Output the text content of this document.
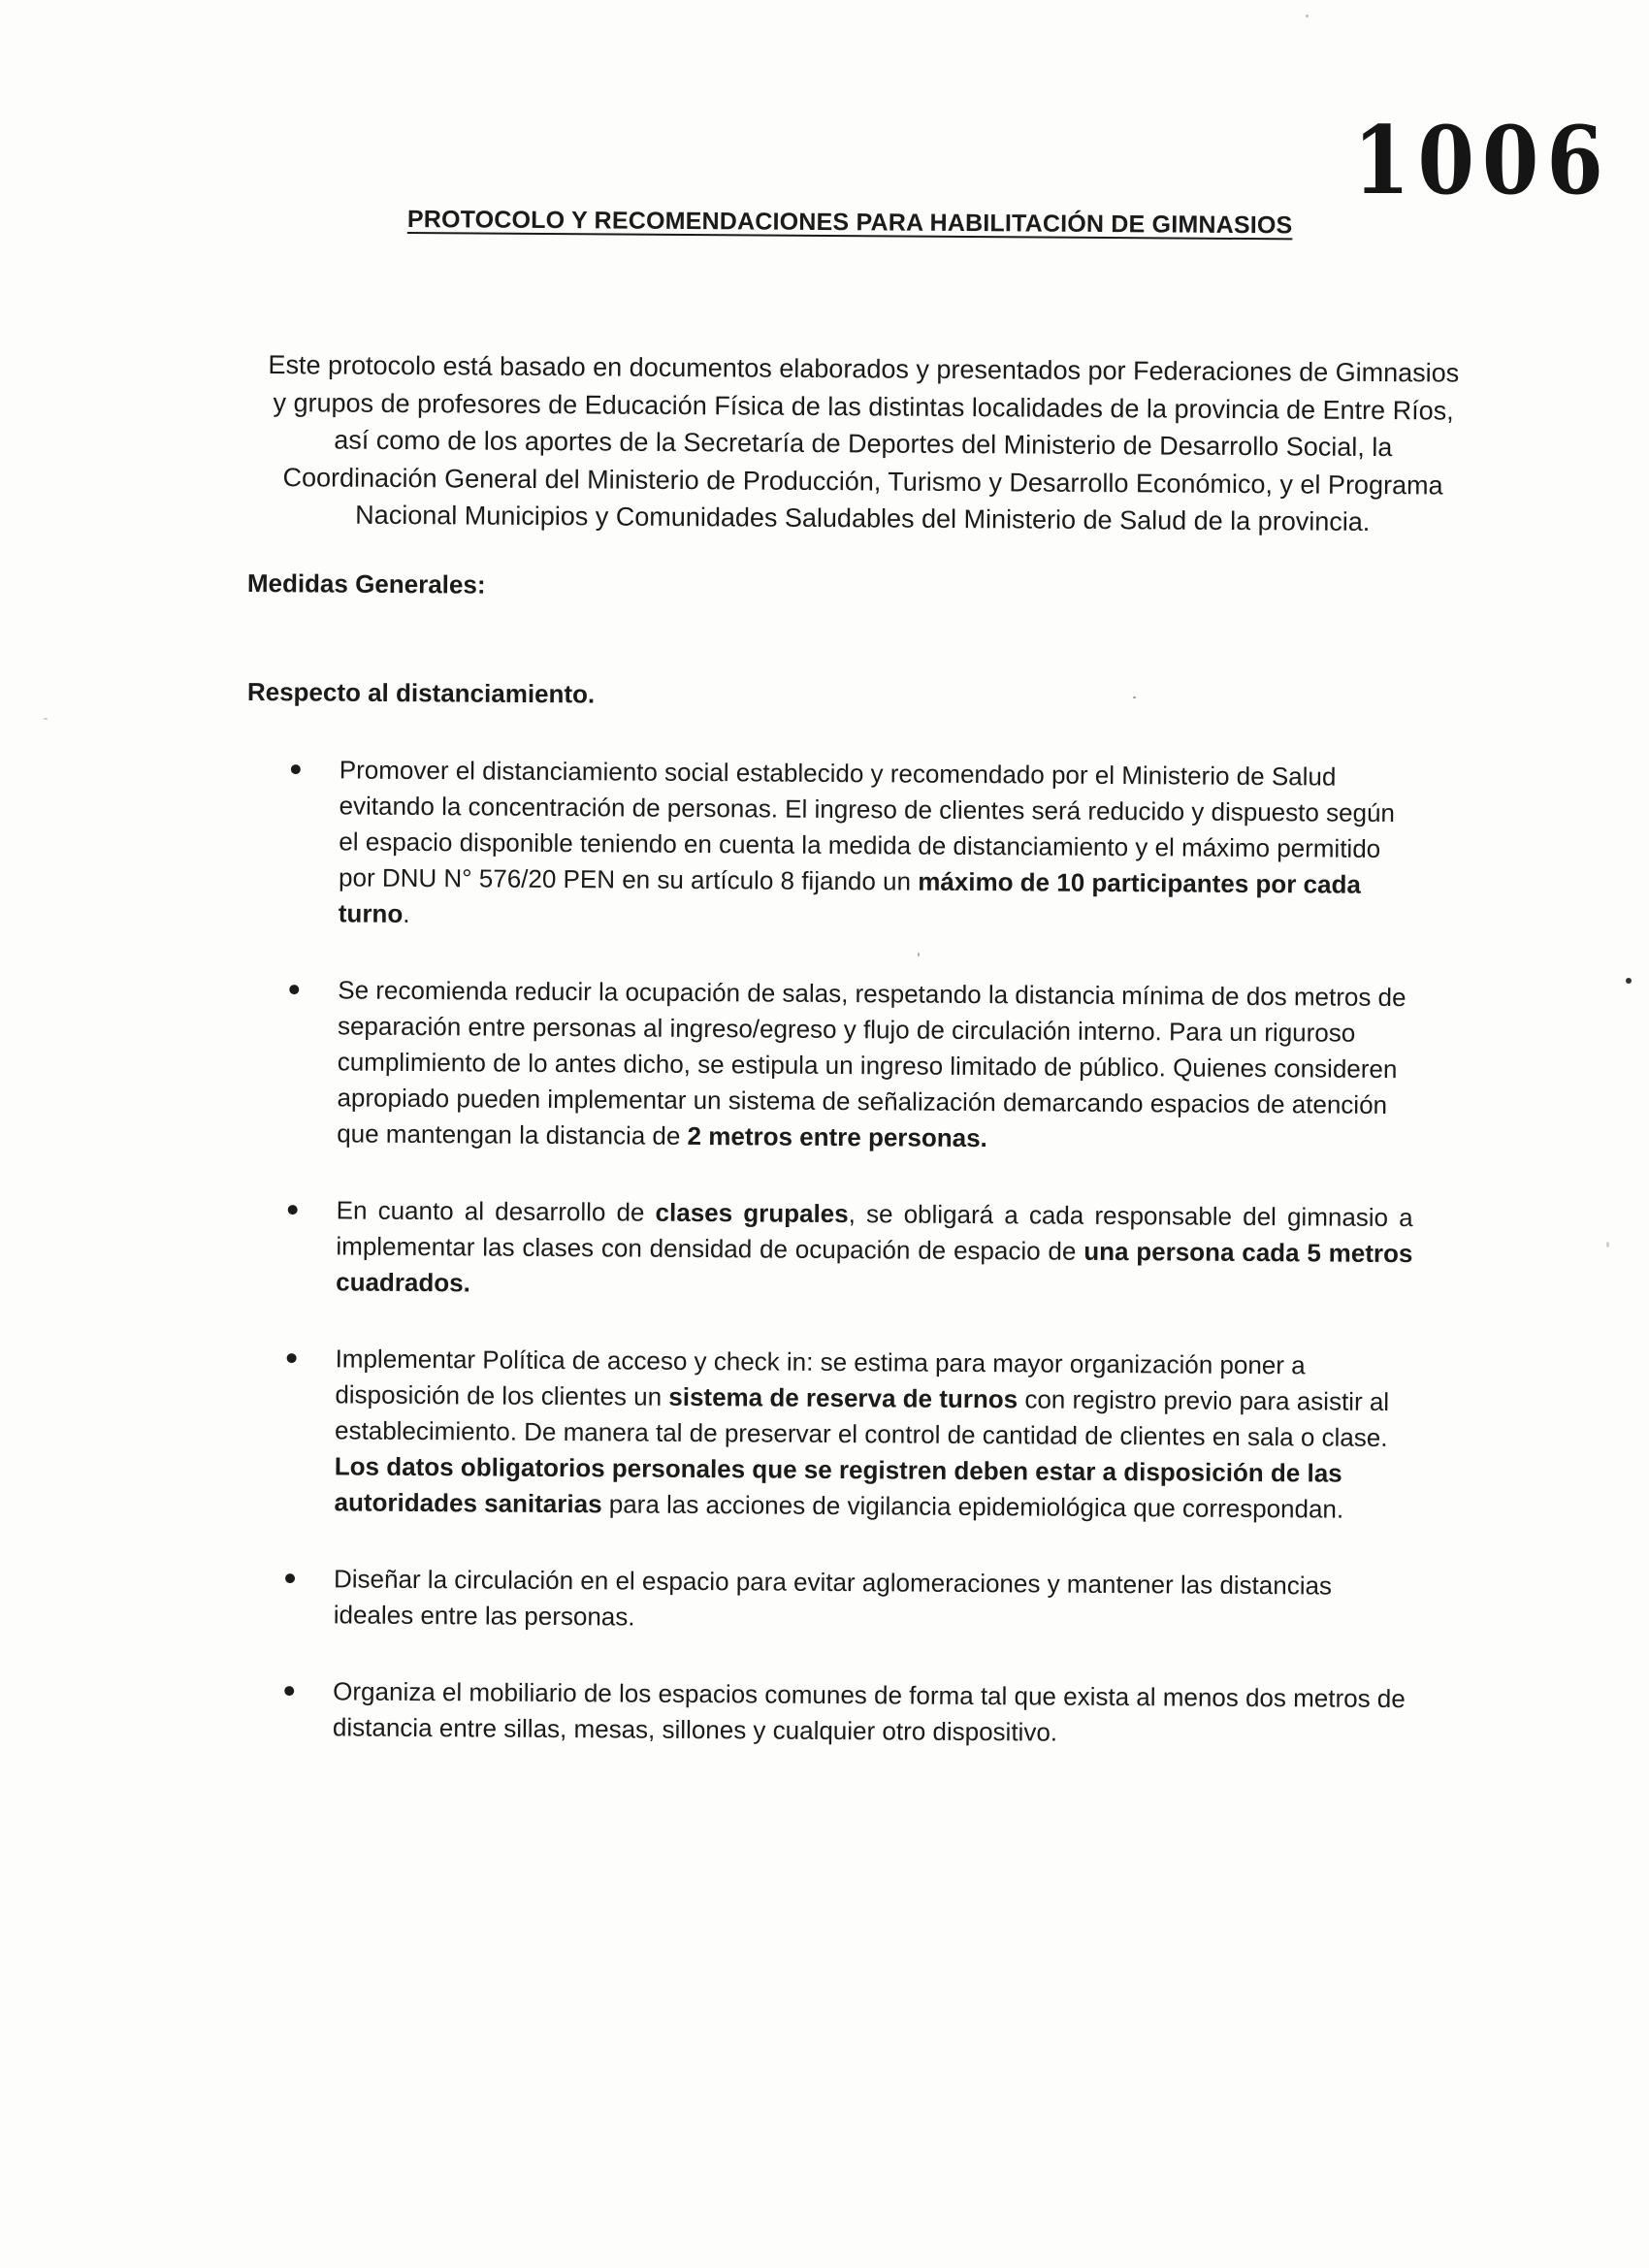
1006
PROTOCOLO Y RECOMENDACIONES PARA HABILITACIÓN DE GIMNASIOS

Este protocolo está basado en documentos elaborados y presentados por Federaciones de Gimnasios y grupos de profesores de Educación Física de las distintas localidades de la provincia de Entre Ríos, así como de los aportes de la Secretaría de Deportes del Ministerio de Desarrollo Social, la Coordinación General del Ministerio de Producción, Turismo y Desarrollo Económico, y el Programa Nacional Municipios y Comunidades Saludables del Ministerio de Salud de la provincia.

Medidas Generales:
Respecto al distanciamiento.
Promover el distanciamiento social establecido y recomendado por el Ministerio de Salud evitando la concentración de personas. El ingreso de clientes será reducido y dispuesto según el espacio disponible teniendo en cuenta la medida de distanciamiento y el máximo permitido por DNU N° 576/20 PEN en su artículo 8 fijando un máximo de 10 participantes por cada turno.
Se recomienda reducir la ocupación de salas, respetando la distancia mínima de dos metros de separación entre personas al ingreso/egreso y flujo de circulación interno. Para un riguroso cumplimiento de lo antes dicho, se estipula un ingreso limitado de público. Quienes consideren apropiado pueden implementar un sistema de señalización demarcando espacios de atención que mantengan la distancia de 2 metros entre personas.
En cuanto al desarrollo de clases grupales, se obligará a cada responsable del gimnasio a implementar las clases con densidad de ocupación de espacio de una persona cada 5 metros cuadrados.
Implementar Política de acceso y check in: se estima para mayor organización poner a disposición de los clientes un sistema de reserva de turnos con registro previo para asistir al establecimiento. De manera tal de preservar el control de cantidad de clientes en sala o clase. Los datos obligatorios personales que se registren deben estar a disposición de las autoridades sanitarias para las acciones de vigilancia epidemiológica que correspondan.
Diseñar la circulación en el espacio para evitar aglomeraciones y mantener las distancias ideales entre las personas.
Organiza el mobiliario de los espacios comunes de forma tal que exista al menos dos metros de distancia entre sillas, mesas, sillones y cualquier otro dispositivo.
